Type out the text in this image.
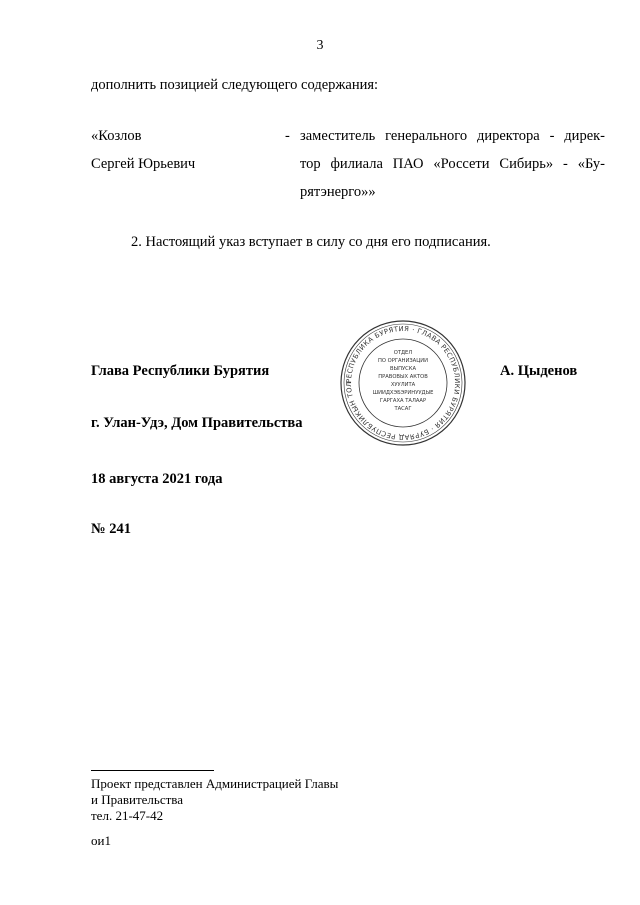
3
дополнить позицией следующего содержания:
«Козлов
Сергей Юрьевич
- заместитель генерального директора - дирек-
тор филиала ПАО «Россети Сибирь» - «Бу-
рятэнерго»»
2. Настоящий указ вступает в силу со дня его подписания.
Глава Республики Бурятия	А. Цыденов
РЕСПУБЛИКА БУРЯТИЯ · ГЛАВА РЕСПУБЛИКИ БУРЯТИЯ · БУРЯАД РЕСПУБЛИКЫН ТОЛ
ОТДЕЛ
ПО ОРГАНИЗАЦИИ
ВЫПУСКА
ПРАВОВЫХ АКТОВ
ХУУЛИТА
ШИИДХЭБЭРИНУУДЫЕ
ГАРГАХА ТАЛААР
ТАСАГ
г. Улан-Удэ, Дом Правительства
18 августа 2021 года
№ 241
Проект представлен Администрацией Главы
и Правительства
тел. 21-47-42
ои1
